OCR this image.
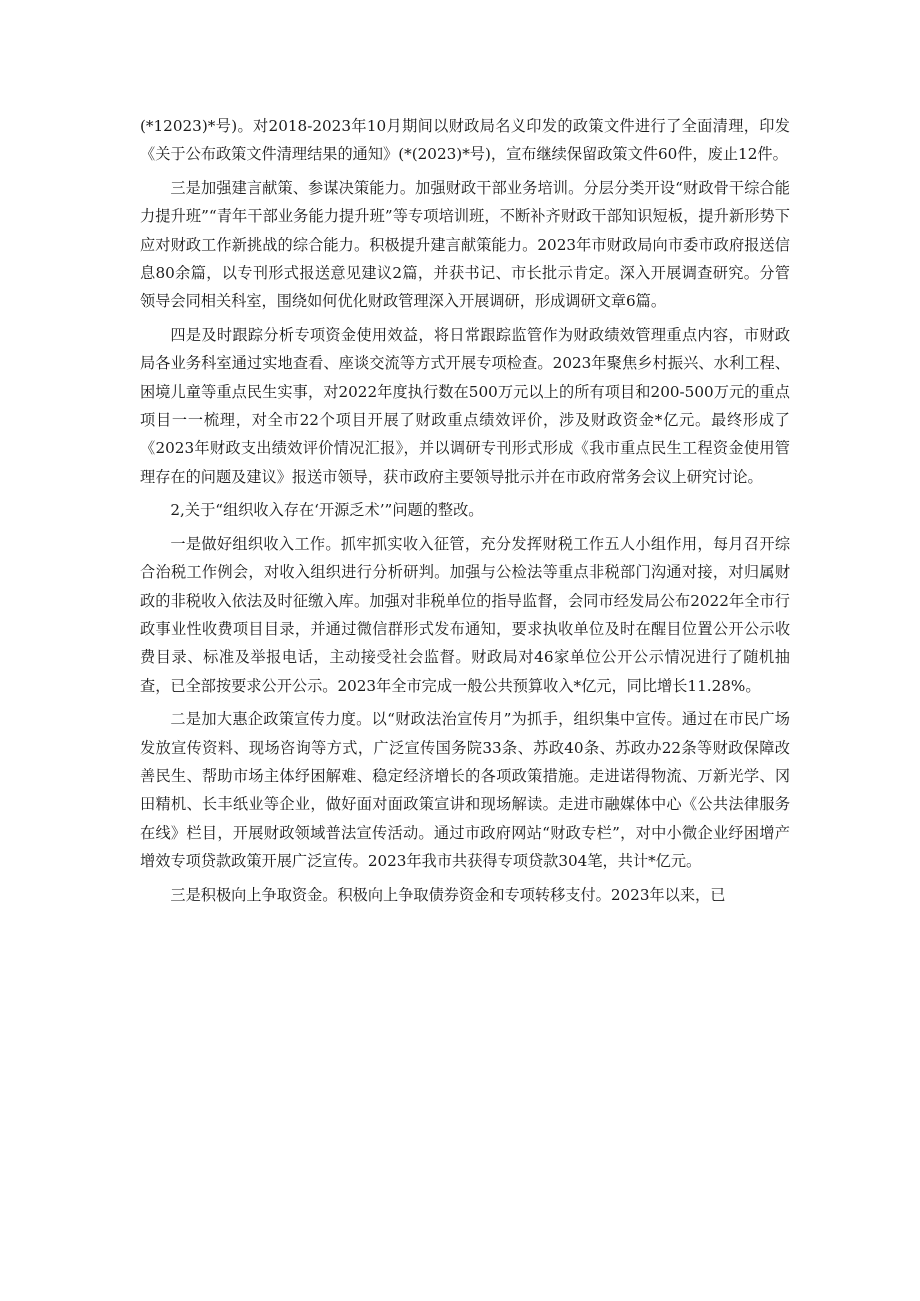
(*12023)*号)。对2018-2023年10月期间以财政局名义印发的政策文件进行了全面清理，印发《关于公布政策文件清理结果的通知》(*(2023)*号)，宣布继续保留政策文件60件，废止12件。

三是加强建言献策、参谋决策能力。加强财政干部业务培训。分层分类开设“财政骨干综合能力提升班”“青年干部业务能力提升班”等专项培训班，不断补齐财政干部知识短板，提升新形势下应对财政工作新挑战的综合能力。积极提升建言献策能力。2023年市财政局向市委市政府报送信息80余篇，以专刊形式报送意见建议2篇，并获书记、市长批示肯定。深入开展调查研究。分管领导会同相关科室，围绕如何优化财政管理深入开展调研，形成调研文章6篇。

四是及时跟踪分析专项资金使用效益，将日常跟踪监管作为财政绩效管理重点内容，市财政局各业务科室通过实地查看、座谈交流等方式开展专项检查。2023年聚焦乡村振兴、水利工程、困境儿童等重点民生实事，对2022年度执行数在500万元以上的所有项目和200-500万元的重点项目一一梳理，对全市22个项目开展了财政重点绩效评价，涉及财政资金*亿元。最终形成了《2023年财政支出绩效评价情况汇报》，并以调研专刊形式形成《我市重点民生工程资金使用管理存在的问题及建议》报送市领导，获市政府主要领导批示并在市政府常务会议上研究讨论。

2,关于“组织收入存在‘开源乏术’”问题的整改。

一是做好组织收入工作。抓牢抓实收入征管，充分发挥财税工作五人小组作用，每月召开综合治税工作例会，对收入组织进行分析研判。加强与公检法等重点非税部门沟通对接，对归属财政的非税收入依法及时征缴入库。加强对非税单位的指导监督，会同市经发局公布2022年全市行政事业性收费项目目录，并通过微信群形式发布通知，要求执收单位及时在醒目位置公开公示收费目录、标准及举报电话，主动接受社会监督。财政局对46家单位公开公示情况进行了随机抽查，已全部按要求公开公示。2023年全市完成一般公共预算收入*亿元，同比增长11.28%。

二是加大惠企政策宣传力度。以“财政法治宣传月”为抓手，组织集中宣传。通过在市民广场发放宣传资料、现场咨询等方式，广泛宣传国务院33条、苏政40条、苏政办22条等财政保障改善民生、帮助市场主体纾困解难、稳定经济增长的各项政策措施。走进诺得物流、万新光学、冈田精机、长丰纸业等企业，做好面对面政策宣讲和现场解读。走进市融媒体中心《公共法律服务在线》栏目，开展财政领域普法宣传活动。通过市政府网站“财政专栏”，对中小微企业纾困增产增效专项贷款政策开展广泛宣传。2023年我市共获得专项贷款304笔，共计*亿元。

三是积极向上争取资金。积极向上争取债券资金和专项转移支付。2023年以来，已
